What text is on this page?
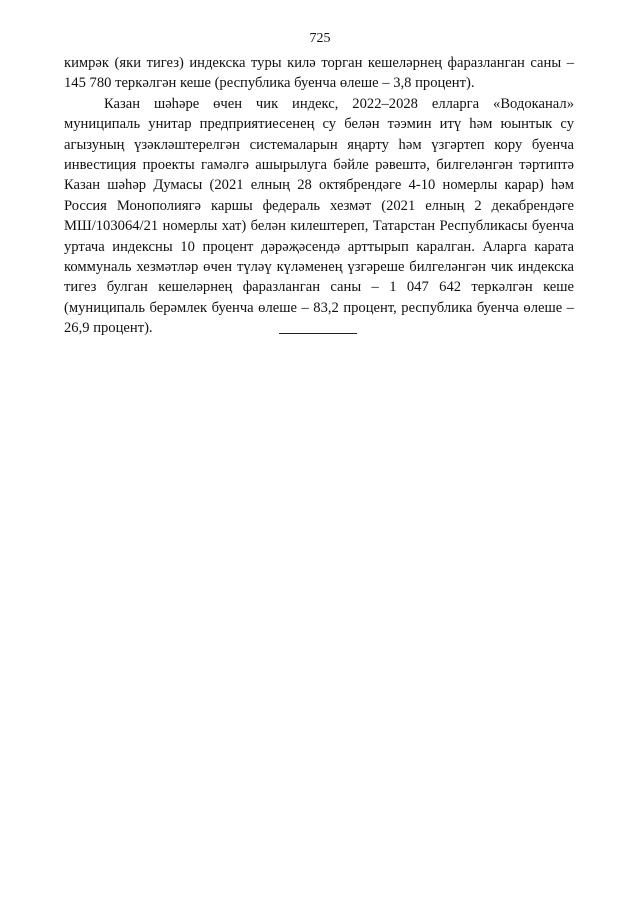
725

кимрәк (яки тигез) индекска туры килә торган кешеләрнең фаразланган саны – 145 780 теркәлгән кеше (республика буенча өлеше – 3,8 процент).

Казан шәһәре өчен чик индекс, 2022–2028 елларга «Водоканал» муниципаль унитар предприятиесенең су белән тәэмин итү һәм юынтык су агызуның үзәкләштерелгән системаларын яңарту һәм үзгәртеп кору буенча инвестиция проекты гамәлгә ашырылуга бәйле рәвештә, билгеләнгән тәртиптә Казан шәһәр Думасы (2021 елның 28 октябрендәге 4-10 номерлы карар) һәм Россия Монополиягә каршы федераль хезмәт (2021 елның 2 декабрендәге МШ/103064/21 номерлы хат) белән килештереп, Татарстан Республикасы буенча уртача индексны 10 процент дәрәҗәсендә арттырып каралган. Аларга карата коммуналь хезмәтләр өчен түләү күләменең үзгәреше билгеләнгән чик индекска тигез булган кешеләрнең фаразланган саны – 1 047 642 теркәлгән кеше (муниципаль берәмлек буенча өлеше – 83,2 процент, республика буенча өлеше – 26,9 процент).
